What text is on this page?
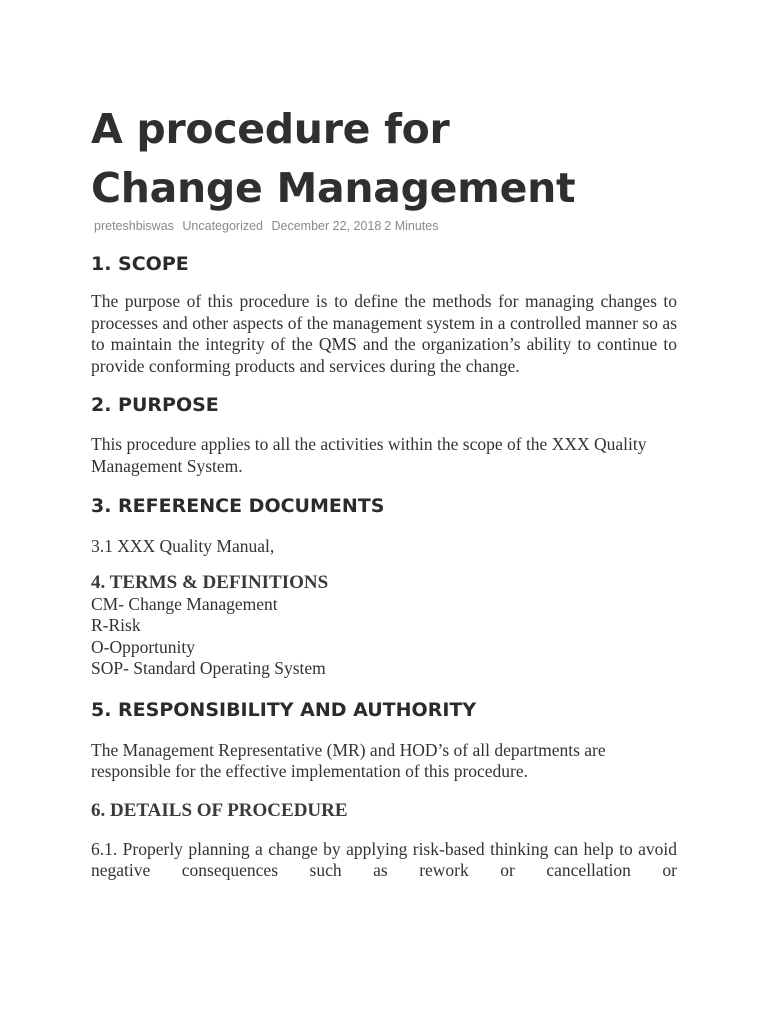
A procedure for
Change Management
preteshbiswas Uncategorized December 22, 2018 2 Minutes
1. SCOPE

The purpose of this procedure is to define the methods for managing changes to processes and other aspects of the management system in a controlled manner so as to maintain the integrity of the QMS and the organization’s ability to continue to provide conforming products and services during the change.

2. PURPOSE

This procedure applies to all the activities within the scope of the XXX Quality Management System.

3. REFERENCE DOCUMENTS

3.1 XXX Quality Manual,

4. TERMS & DEFINITIONS
CM- Change Management
R-Risk
O-Opportunity
SOP- Standard Operating System
5. RESPONSIBILITY AND AUTHORITY

The Management Representative (MR) and HOD’s of all departments are responsible for the effective implementation of this procedure.

6. DETAILS OF PROCEDURE

6.1. Properly planning a change by applying risk-based thinking can help to avoid negative consequences such as rework or cancellation or
